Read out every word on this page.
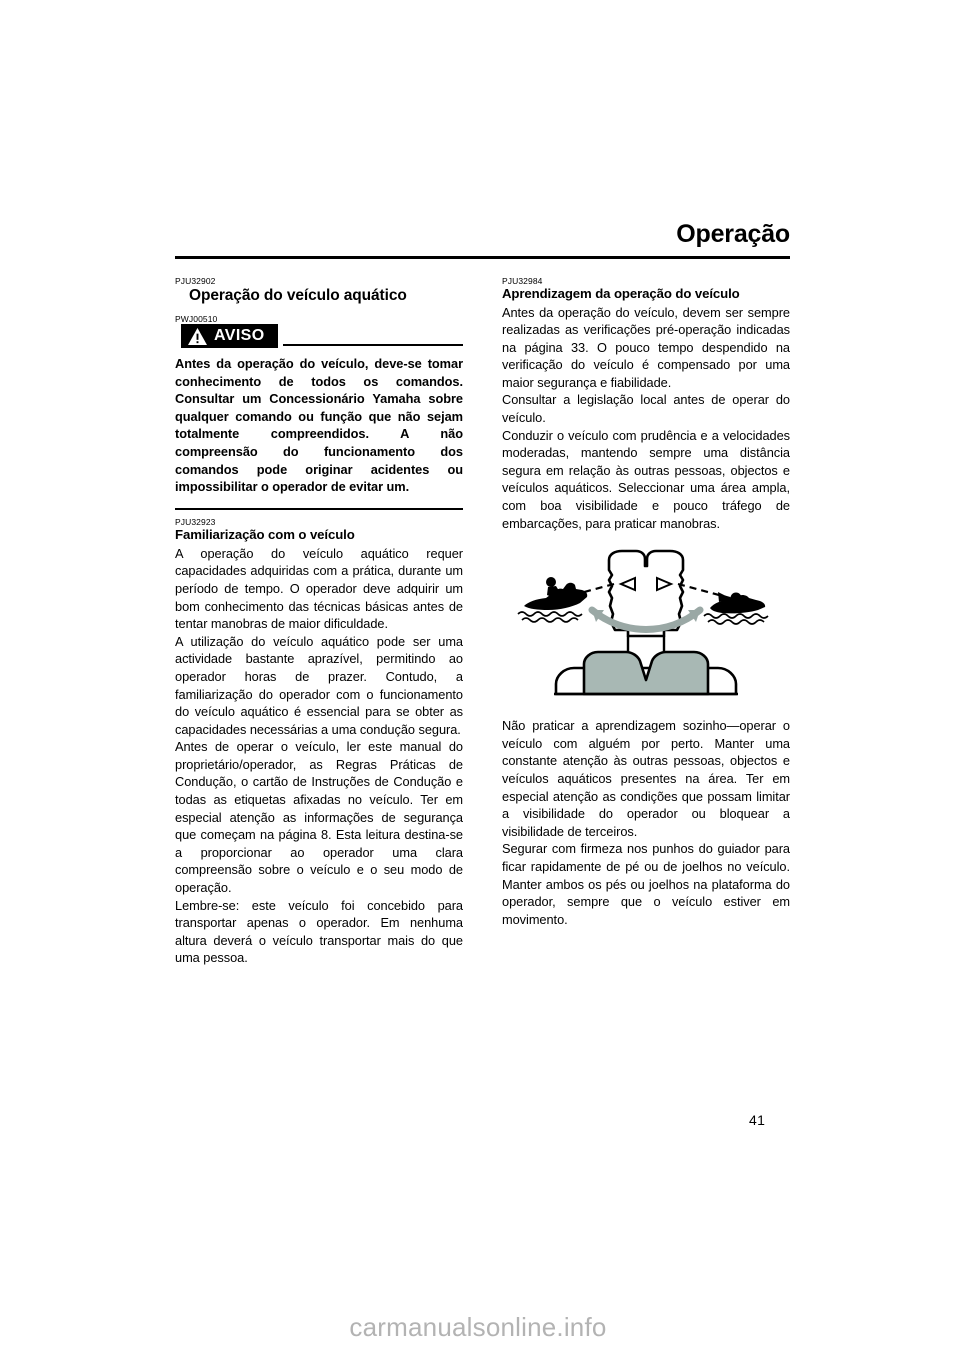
Operação
PJU32902
Operação do veículo aquático
PWJ00510
AVISO

Antes da operação do veículo, deve-se tomar conhecimento de todos os comandos. Consultar um Concessionário Yamaha sobre qualquer comando ou função que não sejam totalmente compreendidos. A não compreensão do funcionamento dos comandos pode originar acidentes ou impossibilitar o operador de evitar um.

PJU32923
Familiarização com o veículo

A operação do veículo aquático requer capacidades adquiridas com a prática, durante um período de tempo. O operador deve adquirir um bom conhecimento das técnicas básicas antes de tentar manobras de maior dificuldade.

A utilização do veículo aquático pode ser uma actividade bastante aprazível, permitindo ao operador horas de prazer. Contudo, a familiarização do operador com o funcionamento do veículo aquático é essencial para se obter as capacidades necessárias a uma condução segura.

Antes de operar o veículo, ler este manual do proprietário/operador, as Regras Práticas de Condução, o cartão de Instruções de Condução e todas as etiquetas afixadas no veículo. Ter em especial atenção as informações de segurança que começam na página 8. Esta leitura destina-se a proporcionar ao operador uma clara compreensão sobre o veículo e o seu modo de operação.

Lembre-se: este veículo foi concebido para transportar apenas o operador. Em nenhuma altura deverá o veículo transportar mais do que uma pessoa.

PJU32984
Aprendizagem da operação do veículo

Antes da operação do veículo, devem ser sempre realizadas as verificações pré-operação indicadas na página 33. O pouco tempo despendido na verificação do veículo é compensado por uma maior segurança e fiabilidade.

Consultar a legislação local antes de operar do veículo.

Conduzir o veículo com prudência e a velocidades moderadas, mantendo sempre uma distância segura em relação às outras pessoas, objectos e veículos aquáticos. Seleccionar uma área ampla, com boa visibilidade e pouco tráfego de embarcações, para praticar manobras.

Não praticar a aprendizagem sozinho—operar o veículo com alguém por perto. Manter uma constante atenção às outras pessoas, objectos e veículos aquáticos presentes na área. Ter em especial atenção as condições que possam limitar a visibilidade do operador ou bloquear a visibilidade de terceiros.

Segurar com firmeza nos punhos do guiador para ficar rapidamente de pé ou de joelhos no veículo. Manter ambos os pés ou joelhos na plataforma do operador, sempre que o veículo estiver em movimento.

41
carmanualsonline.info
